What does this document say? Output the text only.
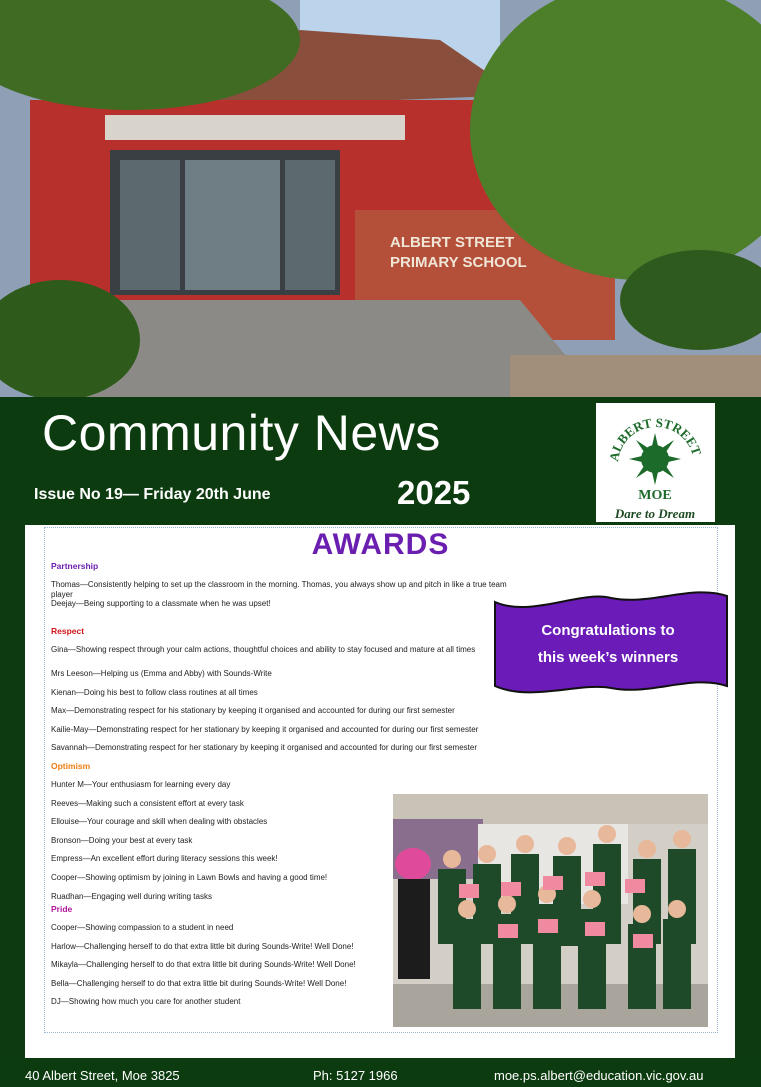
ALBERT STREET
PRIMARY SCHOOL
Community News
Issue No 19— Friday 20th June	2025
ALBERT STREET
MOE
Dare to Dream
AWARDS
Partnership
Thomas—Consistently helping to set up the classroom in the morning. Thomas, you always show up and pitch in like a true team player
Deejay—Being supporting to a classmate when he was upset!
Respect
Gina—Showing respect through your calm actions, thoughtful choices and ability to stay focused and mature at all times
Mrs Leeson—Helping us (Emma and Abby) with Sounds-Write
Kienan—Doing his best to follow class routines at all times
Max—Demonstrating respect for his stationary by keeping it organised and accounted for during our first semester
Kailie-May—Demonstrating respect for her stationary by keeping it organised and accounted for during our first semester
Savannah—Demonstrating respect for her stationary by keeping it organised and accounted for during our first semester
Optimism
Hunter M—Your enthusiasm for learning every day
Reeves—Making such a consistent effort at every task
Ellouise—Your courage and skill when dealing with obstacles
Bronson—Doing your best at every task
Empress—An excellent effort during literacy sessions this week!
Cooper—Showing optimism by joining in Lawn Bowls and having a good time!
Ruadhan—Engaging well during writing tasks
Pride
Cooper—Showing compassion to a student in need
Harlow—Challenging herself to do that extra little bit during Sounds-Write! Well Done!
Mikayla—Challenging herself to do that extra little bit during Sounds-Write! Well Done!
Bella—Challenging herself to do that extra little bit during Sounds-Write! Well Done!
DJ—Showing how much you care for another student
Congratulations to
this week’s winners
40 Albert Street, Moe 3825	Ph: 5127 1966	moe.ps.albert@education.vic.gov.au
